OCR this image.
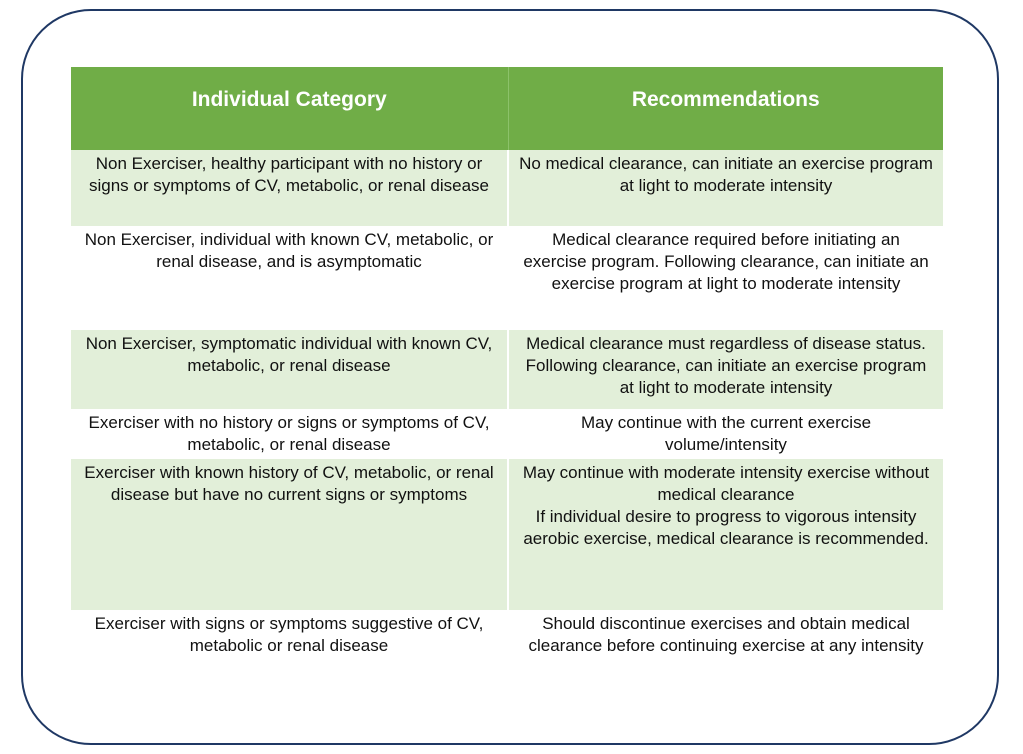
Individual Category	Recommendations
Non Exerciser, healthy participant with no history or signs or symptoms of CV, metabolic, or renal disease	No medical clearance, can initiate an exercise program at light to moderate intensity
Non Exerciser, individual with known CV, metabolic, or renal disease, and is asymptomatic	Medical clearance required before initiating an exercise program. Following clearance, can initiate an exercise program at light to moderate intensity
Non Exerciser, symptomatic individual with known CV, metabolic, or renal disease	Medical clearance must regardless of disease status. Following clearance, can initiate an exercise program at light to moderate intensity
Exerciser with no history or signs or symptoms of CV, metabolic, or renal disease	May continue with the current exercise volume/intensity
Exerciser with known history of CV, metabolic, or renal disease but have no current signs or symptoms	May continue with moderate intensity exercise without medical clearance
If individual desire to progress to vigorous intensity aerobic exercise, medical clearance is recommended.

Exerciser with signs or symptoms suggestive of CV, metabolic or renal disease	Should discontinue exercises and obtain medical clearance before continuing exercise at any intensity
